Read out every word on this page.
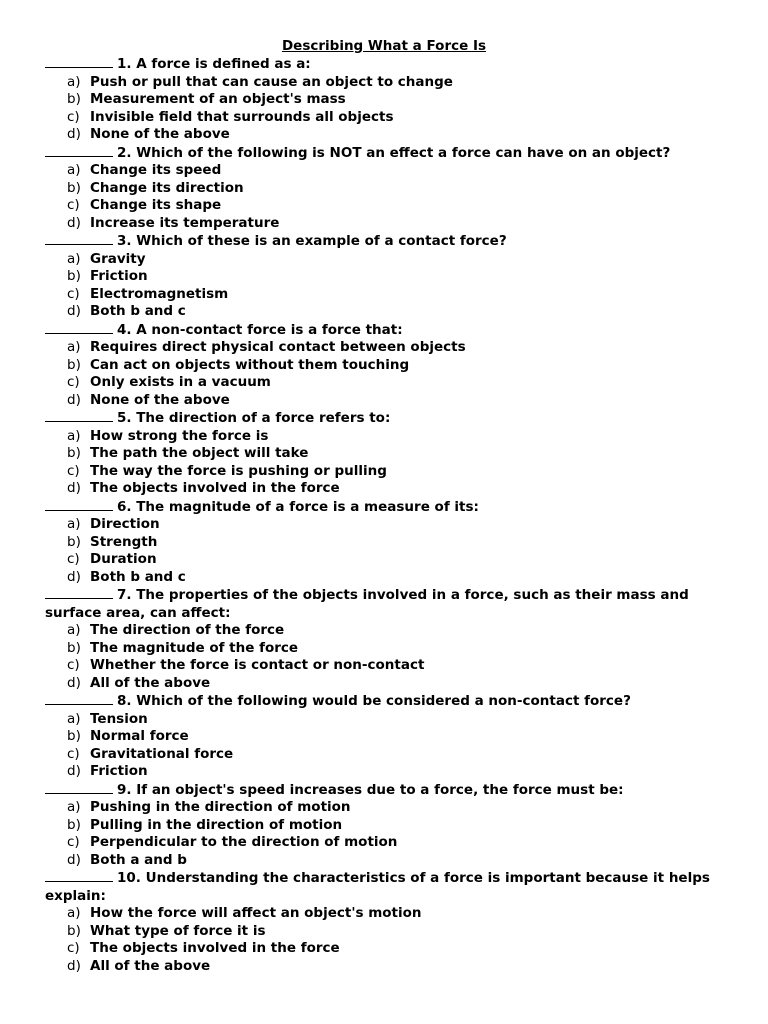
Describing What a Force Is

1. A force is defined as a:

a) Push or pull that can cause an object to change
b) Measurement of an object's mass
c) Invisible field that surrounds all objects
d) None of the above

2. Which of the following is NOT an effect a force can have on an object?

a) Change its speed
b) Change its direction
c) Change its shape
d) Increase its temperature

3. Which of these is an example of a contact force?

a) Gravity
b) Friction
c) Electromagnetism
d) Both b and c

4. A non-contact force is a force that:

a) Requires direct physical contact between objects
b) Can act on objects without them touching
c) Only exists in a vacuum
d) None of the above

5. The direction of a force refers to:

a) How strong the force is
b) The path the object will take
c) The way the force is pushing or pulling
d) The objects involved in the force

6. The magnitude of a force is a measure of its:

a) Direction
b) Strength
c) Duration
d) Both b and c

7. The properties of the objects involved in a force, such as their mass and surface area, can affect:

a) The direction of the force
b) The magnitude of the force
c) Whether the force is contact or non-contact
d) All of the above

8. Which of the following would be considered a non-contact force?

a) Tension
b) Normal force
c) Gravitational force
d) Friction

9. If an object's speed increases due to a force, the force must be:

a) Pushing in the direction of motion
b) Pulling in the direction of motion
c) Perpendicular to the direction of motion
d) Both a and b

10. Understanding the characteristics of a force is important because it helps explain:

a) How the force will affect an object's motion
b) What type of force it is
c) The objects involved in the force
d) All of the above
